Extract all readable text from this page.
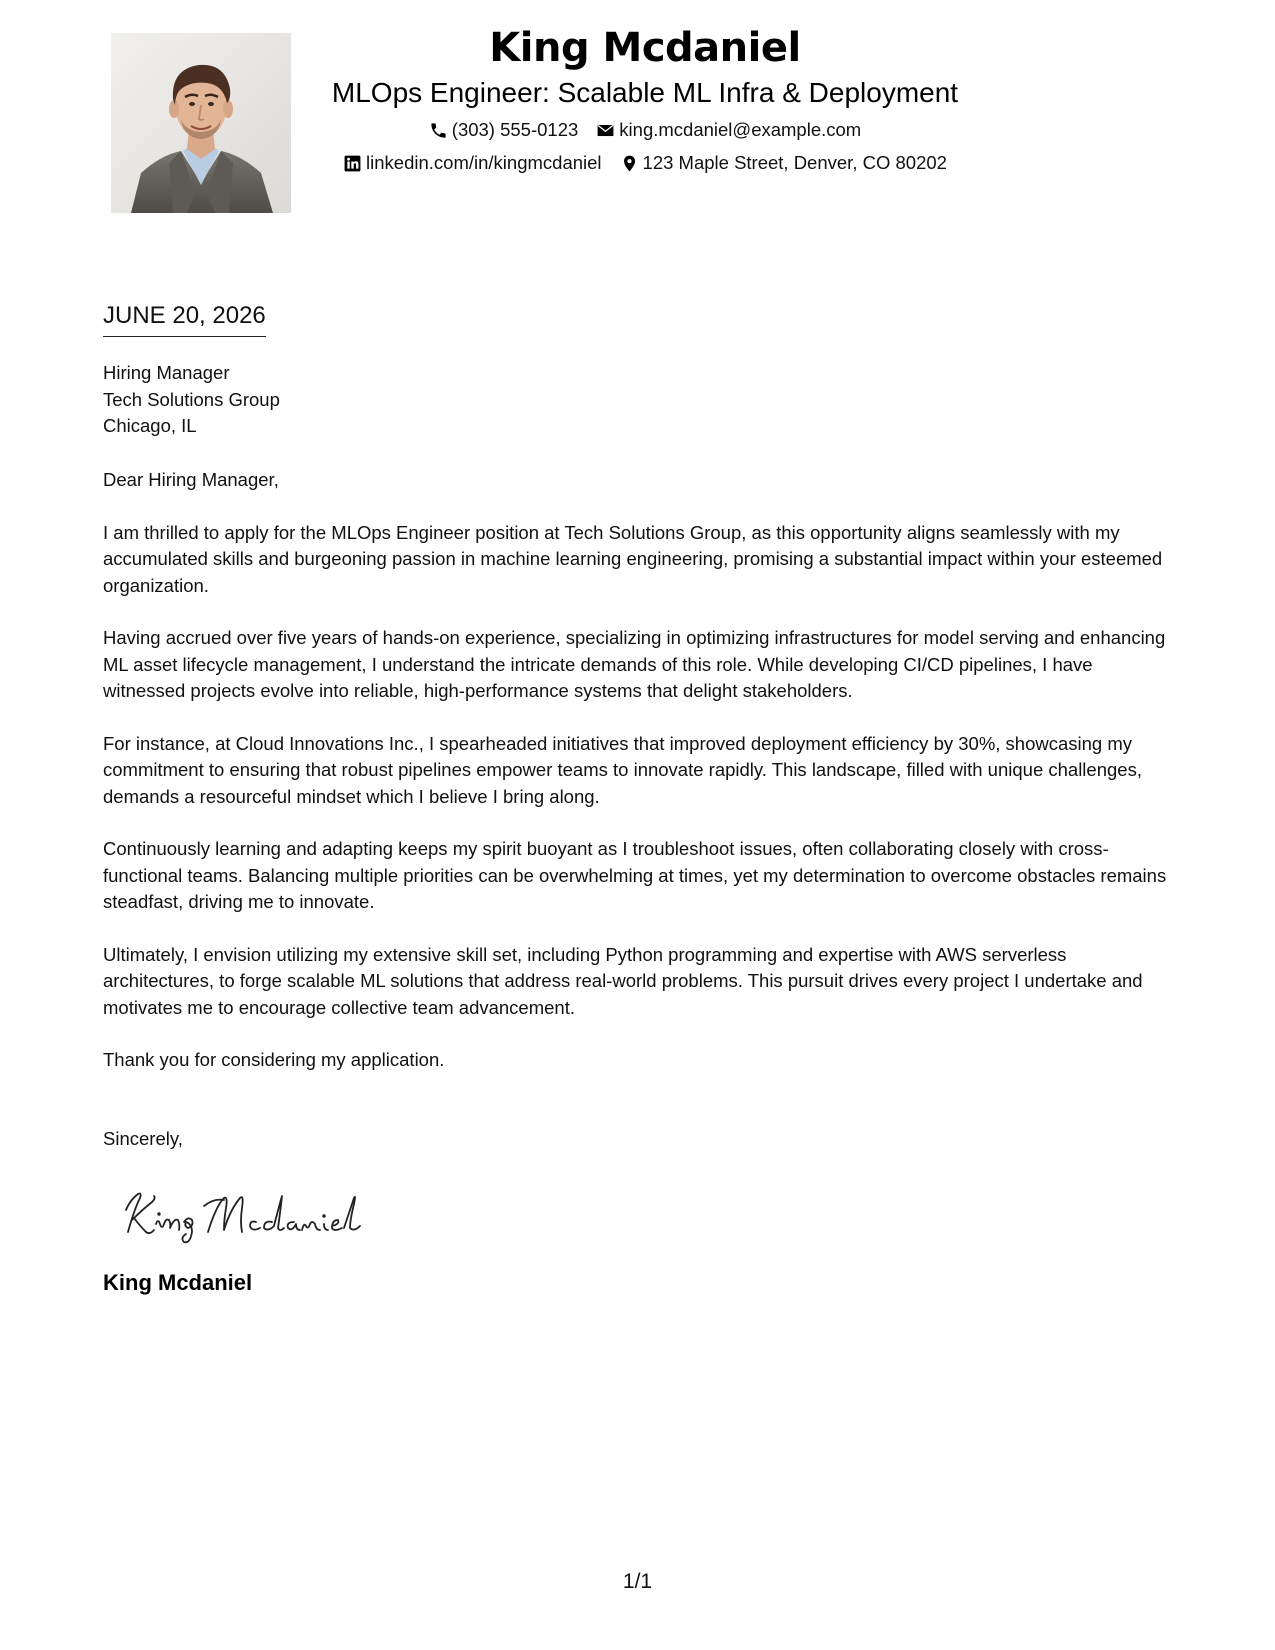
King Mcdaniel
MLOps Engineer: Scalable ML Infra & Deployment
(303) 555-0123 king.mcdaniel@example.com
linkedin.com/in/kingmcdaniel 123 Maple Street, Denver, CO 80202
JUNE 20, 2026
Hiring Manager
Tech Solutions Group
Chicago, IL

Dear Hiring Manager,

I am thrilled to apply for the MLOps Engineer position at Tech Solutions Group, as this opportunity aligns seamlessly with my accumulated skills and burgeoning passion in machine learning engineering, promising a substantial impact within your esteemed organization.

Having accrued over five years of hands-on experience, specializing in optimizing infrastructures for model serving and enhancing ML asset lifecycle management, I understand the intricate demands of this role. While developing CI/CD pipelines, I have witnessed projects evolve into reliable, high-performance systems that delight stakeholders.

For instance, at Cloud Innovations Inc., I spearheaded initiatives that improved deployment efficiency by 30%, showcasing my commitment to ensuring that robust pipelines empower teams to innovate rapidly. This landscape, filled with unique challenges, demands a resourceful mindset which I believe I bring along.

Continuously learning and adapting keeps my spirit buoyant as I troubleshoot issues, often collaborating closely with cross-functional teams. Balancing multiple priorities can be overwhelming at times, yet my determination to overcome obstacles remains steadfast, driving me to innovate.

Ultimately, I envision utilizing my extensive skill set, including Python programming and expertise with AWS serverless architectures, to forge scalable ML solutions that address real-world problems. This pursuit drives every project I undertake and motivates me to encourage collective team advancement.

Thank you for considering my application.

Sincerely,
King Mcdaniel
1/1
